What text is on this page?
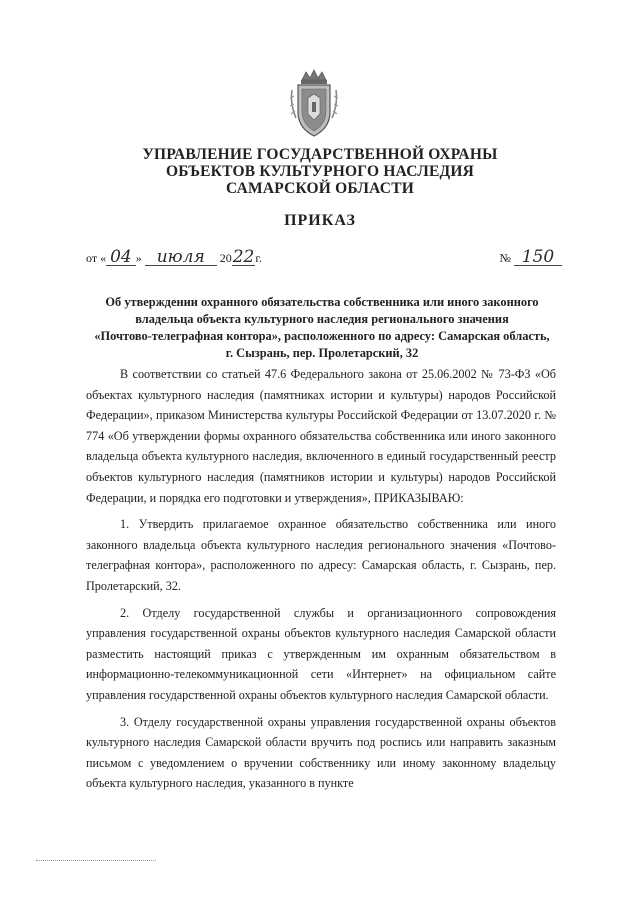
УПРАВЛЕНИЕ ГОСУДАРСТВЕННОЙ ОХРАНЫ
ОБЪЕКТОВ КУЛЬТУРНОГО НАСЛЕДИЯ
САМАРСКОЙ ОБЛАСТИ
ПРИКАЗ
от « 04 » июля 2022г.	№ 150
Об утверждении охранного обязательства собственника или иного законного
владельца объекта культурного наследия регионального значения
«Почтово-телеграфная контора», расположенного по адресу: Самарская область,
г. Сызрань, пер. Пролетарский, 32

В соответствии со статьей 47.6 Федерального закона от 25.06.2002 № 73-ФЗ «Об объектах культурного наследия (памятниках истории и культуры) народов Российской Федерации», приказом Министерства культуры Российской Федерации от 13.07.2020 г. № 774 «Об утверждении формы охранного обязательства собственника или иного законного владельца объекта культурного наследия, включенного в единый государственный реестр объектов культурного наследия (памятников истории и культуры) народов Российской Федерации, и порядка его подготовки и утверждения», ПРИКАЗЫВАЮ:

1. Утвердить прилагаемое охранное обязательство собственника или иного законного владельца объекта культурного наследия регионального значения «Почтово-телеграфная контора», расположенного по адресу: Самарская область, г. Сызрань, пер. Пролетарский, 32.

2. Отделу государственной службы и организационного сопровождения управления государственной охраны объектов культурного наследия Самарской области разместить настоящий приказ с утвержденным им охранным обязательством в информационно-телекоммуникационной сети «Интернет» на официальном сайте управления государственной охраны объектов культурного наследия Самарской области.

3. Отделу государственной охраны управления государственной охраны объектов культурного наследия Самарской области вручить под роспись или направить заказным письмом с уведомлением о вручении собственнику или иному законному владельцу объекта культурного наследия, указанного в пункте
